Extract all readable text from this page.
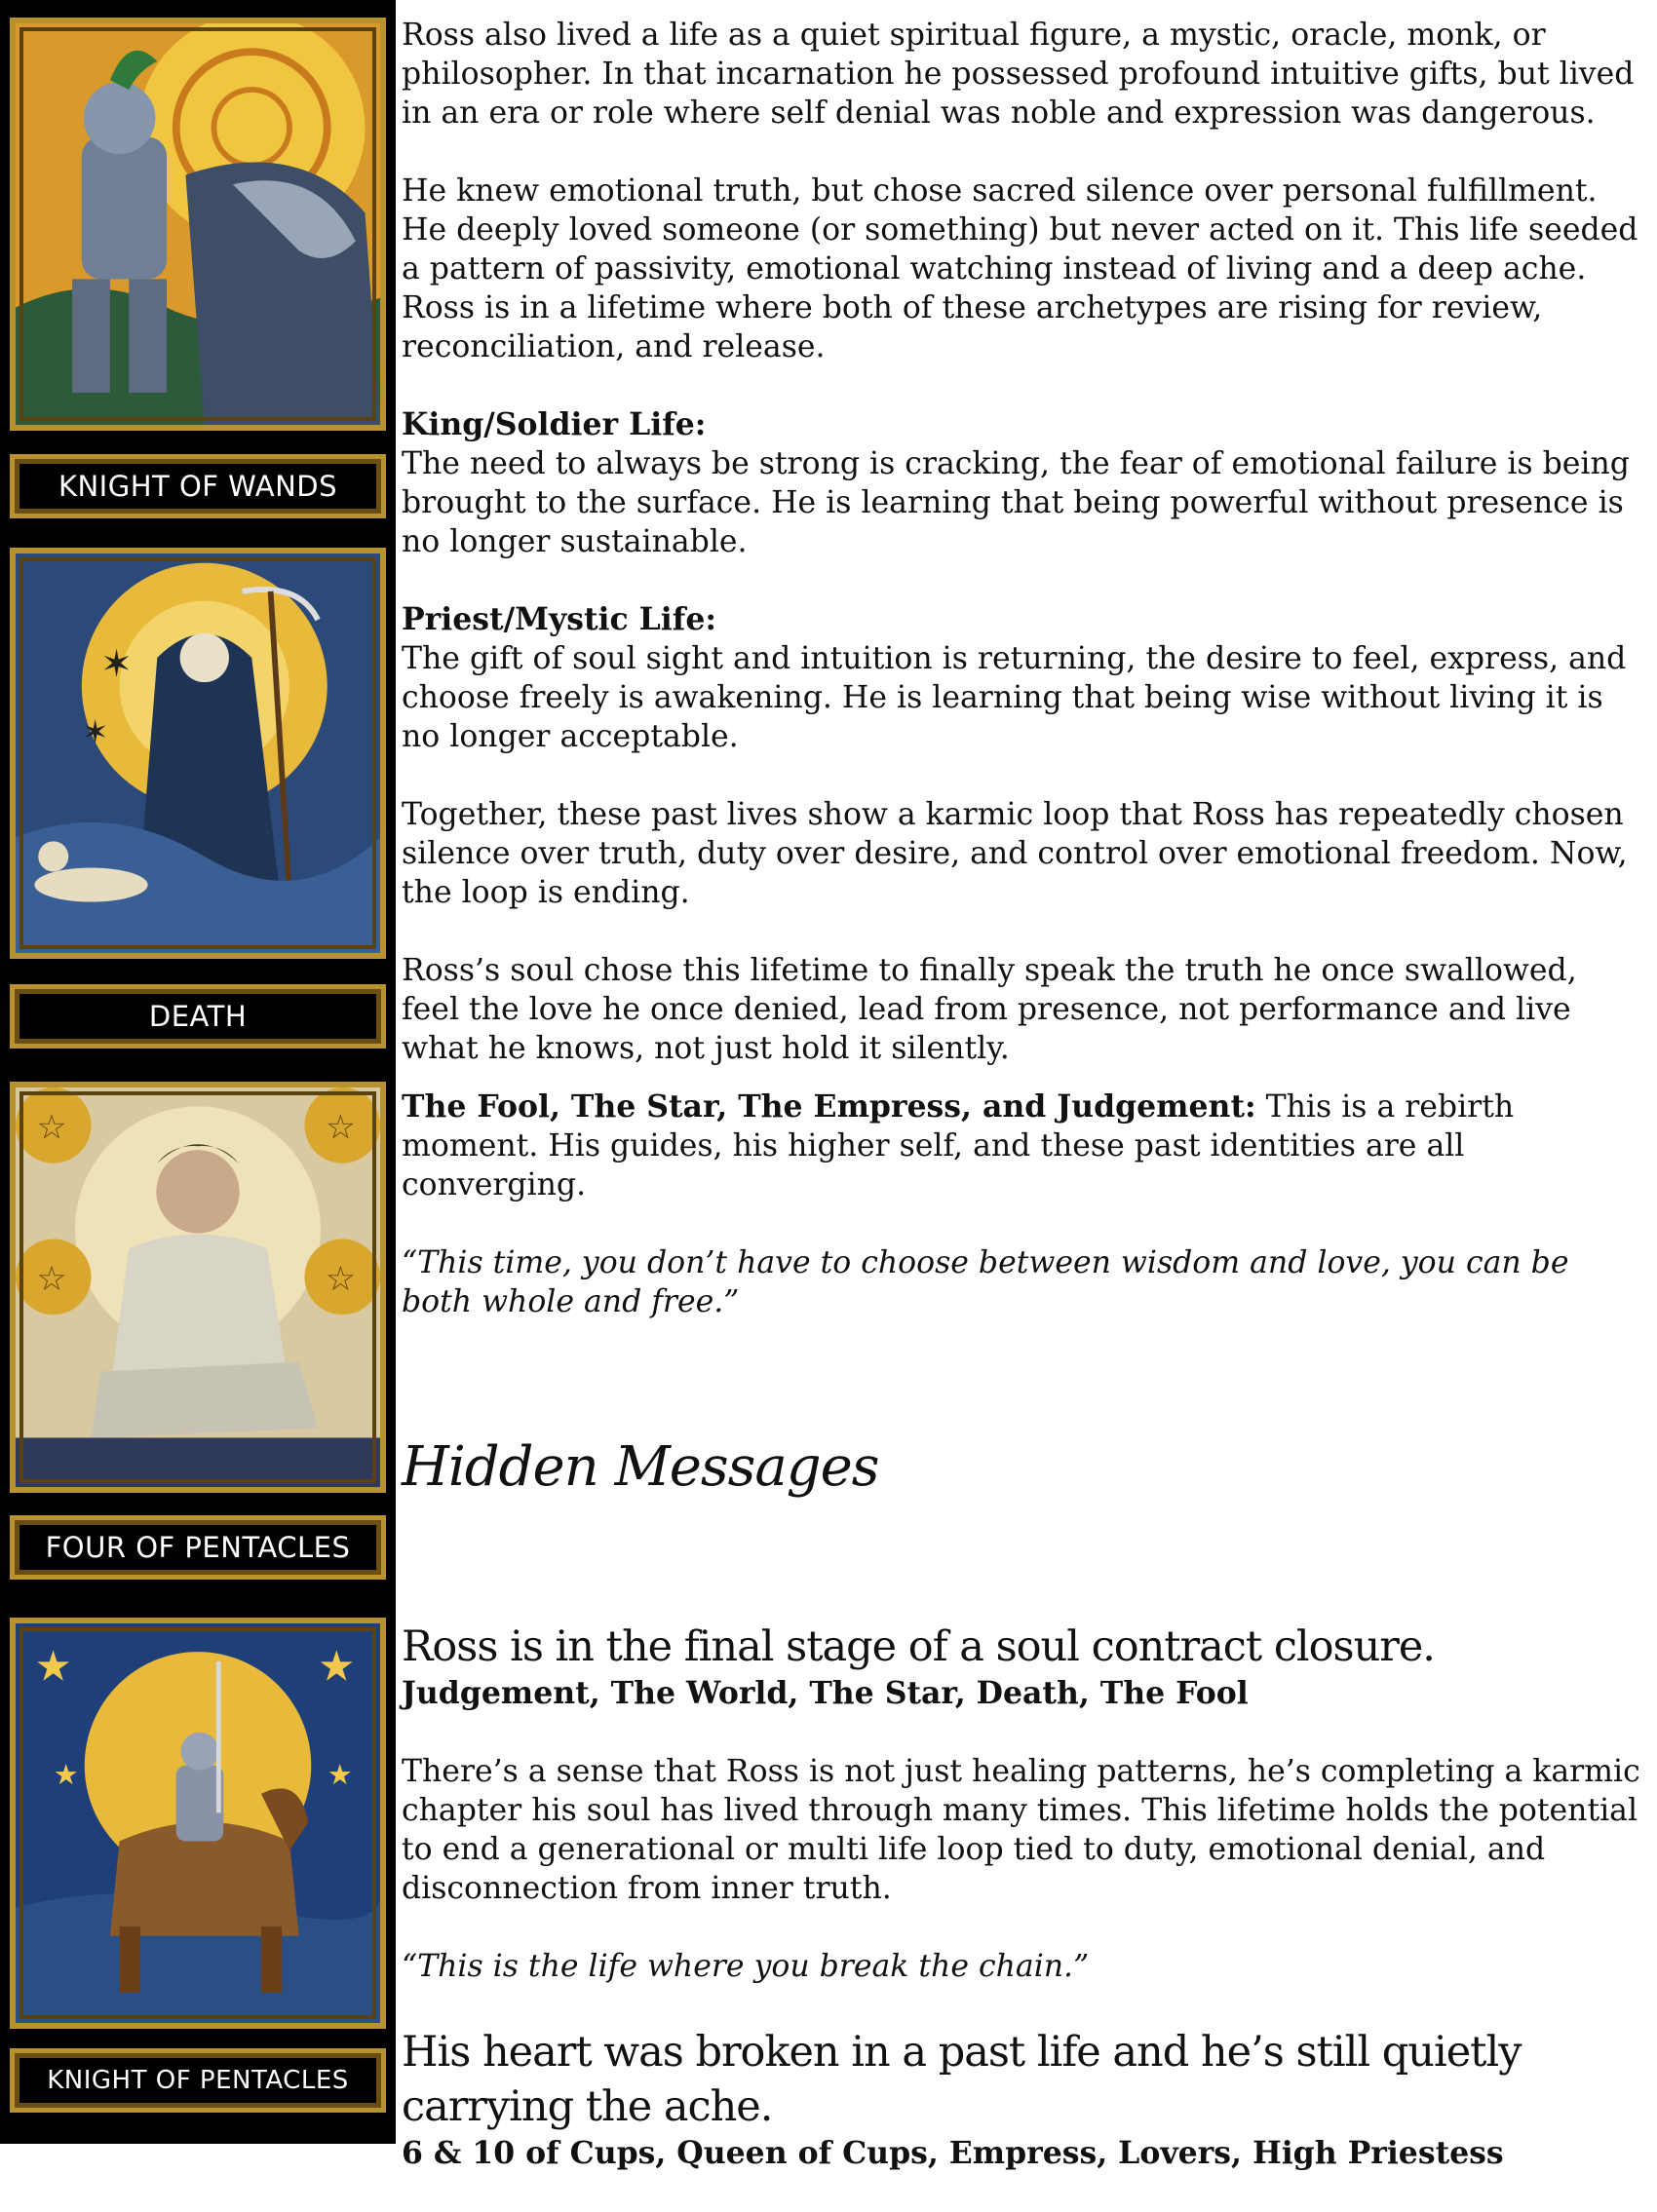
KNIGHT OF WANDS
✶
✶
DEATH
☆	☆
☆	☆
FOUR OF PENTACLES
★	★
★	★
KNIGHT OF PENTACLES

Ross also lived a life as a quiet spiritual figure, a mystic, oracle, monk, or philosopher. In that incarnation he possessed profound intuitive gifts, but lived in an era or role where self denial was noble and expression was dangerous.

He knew emotional truth, but chose sacred silence over personal fulfillment. He deeply loved someone (or something) but never acted on it. This life seeded a pattern of passivity, emotional watching instead of living and a deep ache. Ross is in a lifetime where both of these archetypes are rising for review, reconciliation, and release.

King/Soldier Life:
The need to always be strong is cracking, the fear of emotional failure is being brought to the surface. He is learning that being powerful without presence is no longer sustainable.

Priest/Mystic Life:
The gift of soul sight and intuition is returning, the desire to feel, express, and choose freely is awakening. He is learning that being wise without living it is no longer acceptable.

Together, these past lives show a karmic loop that Ross has repeatedly chosen silence over truth, duty over desire, and control over emotional freedom. Now, the loop is ending.

Ross’s soul chose this lifetime to finally speak the truth he once swallowed, feel the love he once denied, lead from presence, not performance and live what he knows, not just hold it silently.

The Fool, The Star, The Empress, and Judgement: This is a rebirth moment. His guides, his higher self, and these past identities are all converging.

“This time, you don’t have to choose between wisdom and love, you can be both whole and free.”

Hidden Messages
Ross is in the final stage of a soul contract closure.

Judgement, The World, The Star, Death, The Fool

There’s a sense that Ross is not just healing patterns, he’s completing a karmic chapter his soul has lived through many times. This lifetime holds the potential to end a generational or multi life loop tied to duty, emotional denial, and disconnection from inner truth.

“This is the life where you break the chain.”

His heart was broken in a past life and he’s still quietly carrying the ache.

6 & 10 of Cups, Queen of Cups, Empress, Lovers, High Priestess
